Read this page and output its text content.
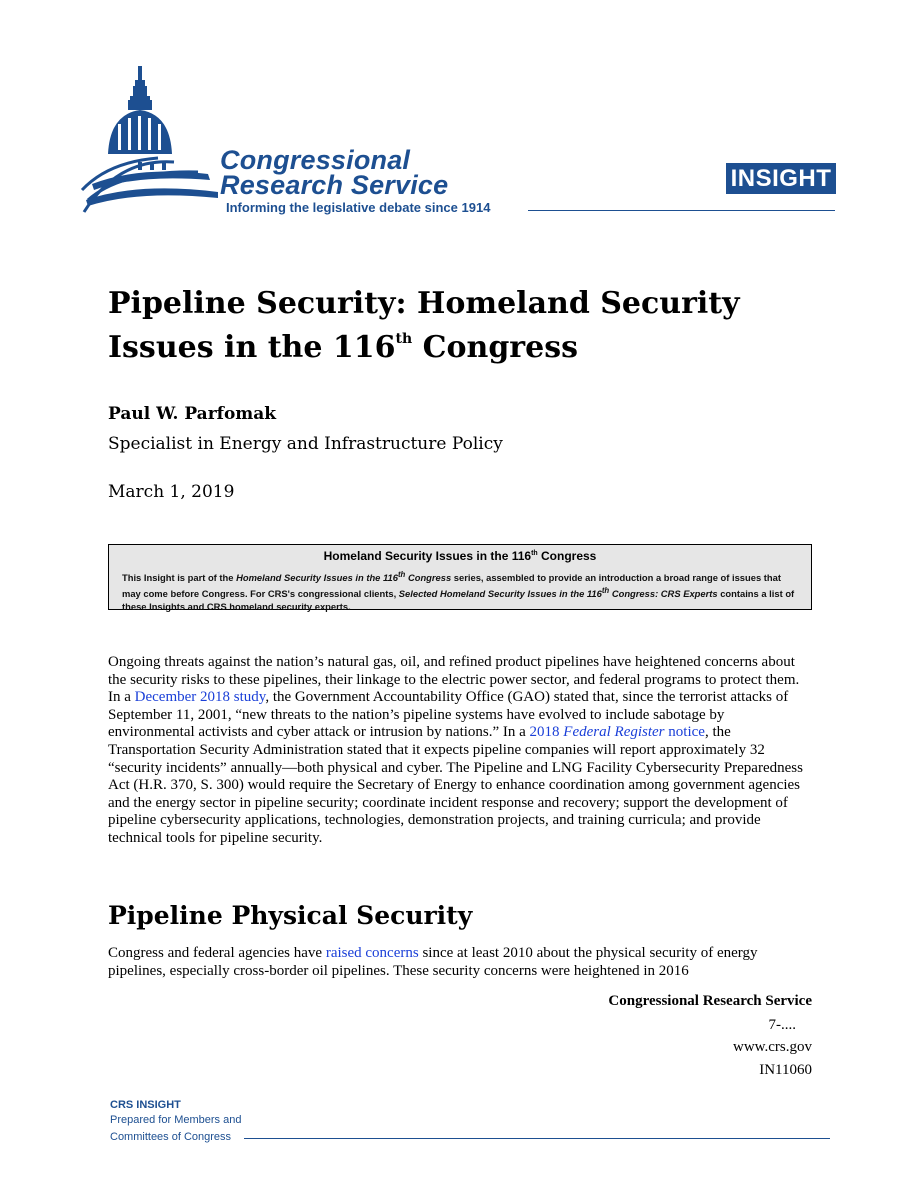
Congressional
Research Service
Informing the legislative debate since 1914
INSIGHT
Pipeline Security: Homeland Security Issues in the 116th Congress
Paul W. Parfomak
Specialist in Energy and Infrastructure Policy
March 1, 2019
Homeland Security Issues in the 116th Congress
This Insight is part of the Homeland Security Issues in the 116th Congress series, assembled to provide an introduction a broad range of issues that may come before Congress. For CRS's congressional clients, Selected Homeland Security Issues in the 116th Congress: CRS Experts contains a list of these Insights and CRS homeland security experts.

Ongoing threats against the nation’s natural gas, oil, and refined product pipelines have heightened concerns about the security risks to these pipelines, their linkage to the electric power sector, and federal programs to protect them. In a December 2018 study, the Government Accountability Office (GAO) stated that, since the terrorist attacks of September 11, 2001, “new threats to the nation’s pipeline systems have evolved to include sabotage by environmental activists and cyber attack or intrusion by nations.” In a 2018 Federal Register notice, the Transportation Security Administration stated that it expects pipeline companies will report approximately 32 “security incidents” annually—both physical and cyber. The Pipeline and LNG Facility Cybersecurity Preparedness Act (H.R. 370, S. 300) would require the Secretary of Energy to enhance coordination among government agencies and the energy sector in pipeline security; coordinate incident response and recovery; support the development of pipeline cybersecurity applications, technologies, demonstration projects, and training curricula; and provide technical tools for pipeline security.

Pipeline Physical Security

Congress and federal agencies have raised concerns since at least 2010 about the physical security of energy pipelines, especially cross-border oil pipelines. These security concerns were heightened in 2016

Congressional Research Service
7-....
www.crs.gov
IN11060
CRS INSIGHT
Prepared for Members and
Committees of Congress
